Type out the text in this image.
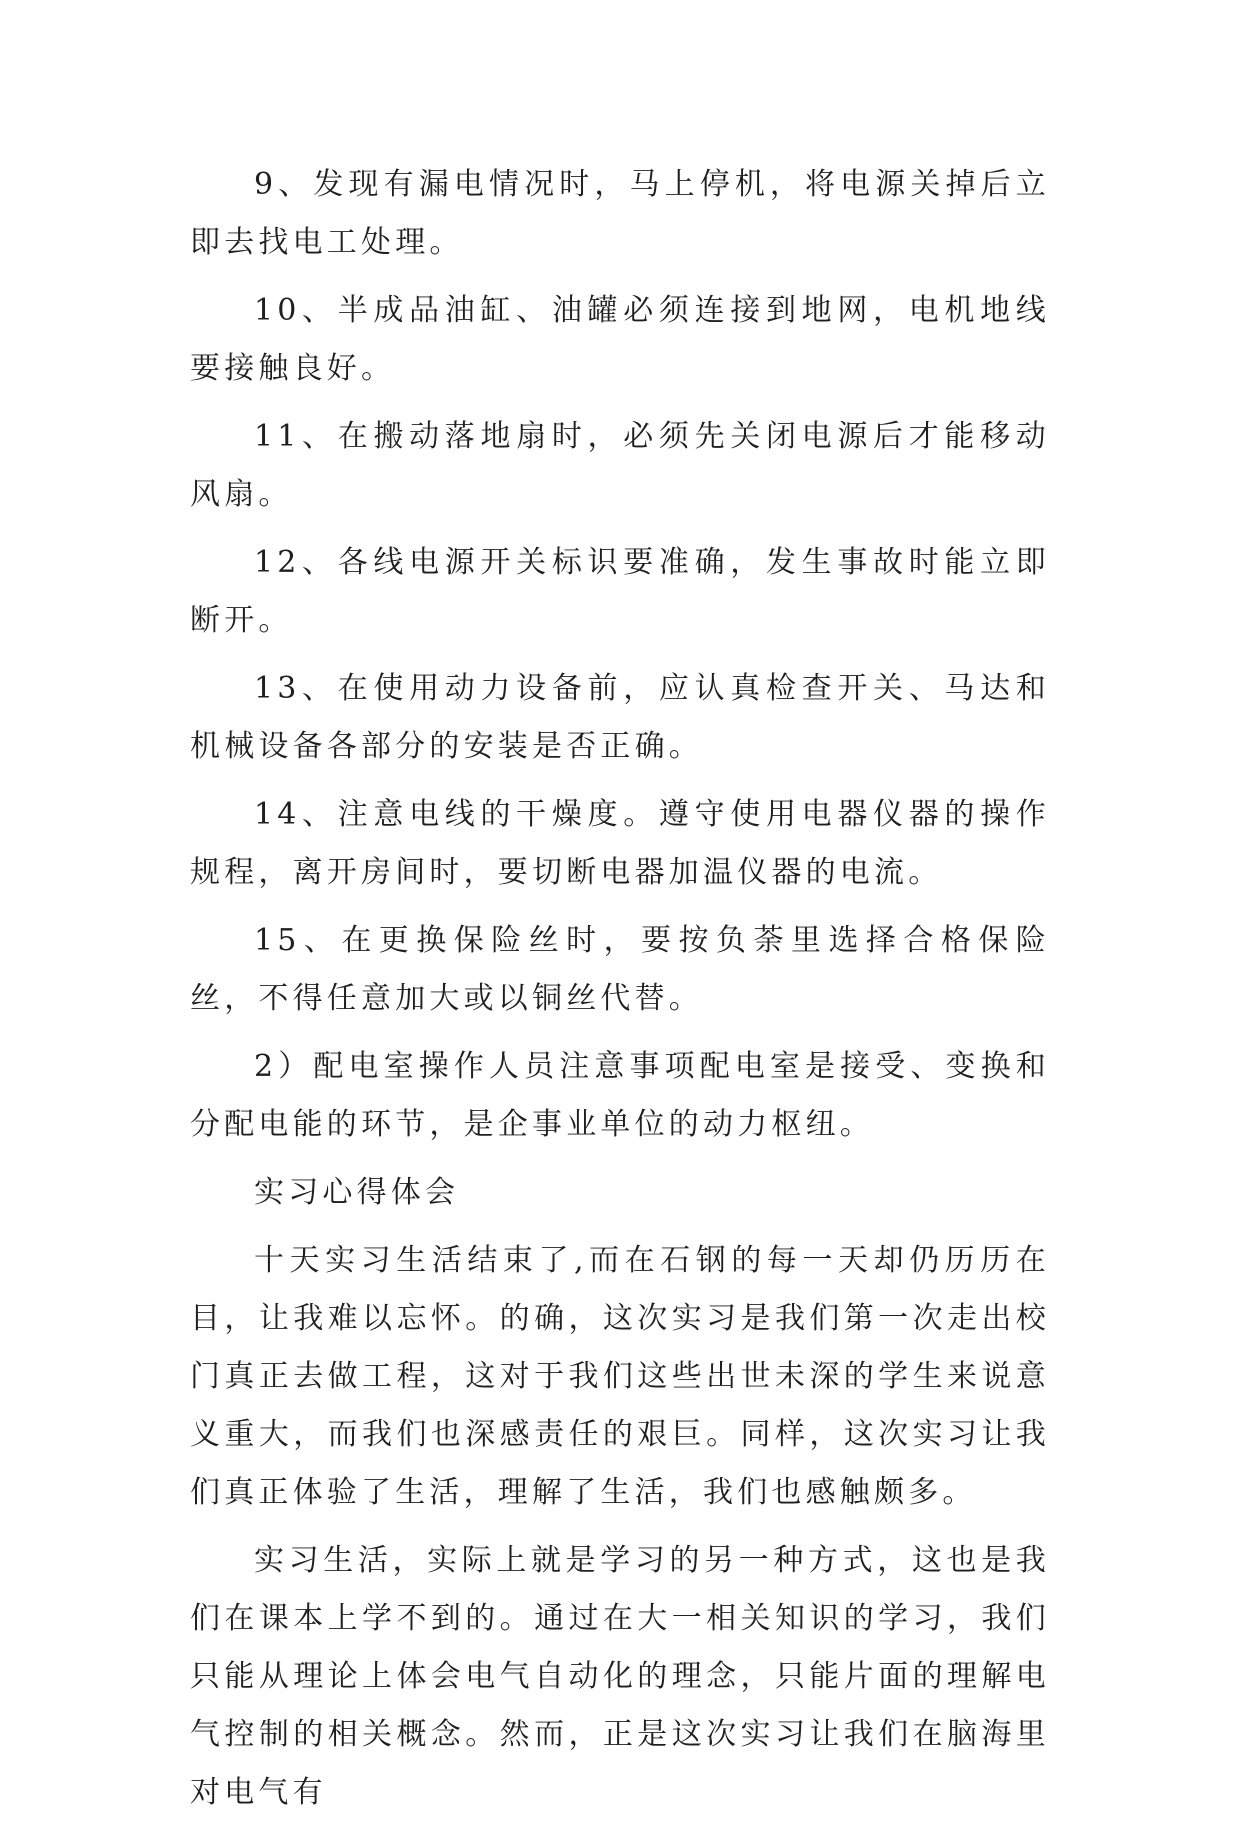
9、发现有漏电情况时，马上停机，将电源关掉后立即去找电工处理。

10、半成品油缸、油罐必须连接到地网，电机地线要接触良好。

11、在搬动落地扇时，必须先关闭电源后才能移动风扇。

12、各线电源开关标识要准确，发生事故时能立即断开。

13、在使用动力设备前，应认真检查开关、马达和机械设备各部分的安装是否正确。

14、注意电线的干燥度。遵守使用电器仪器的操作规程，离开房间时，要切断电器加温仪器的电流。

15、在更换保险丝时，要按负荼里选择合格保险丝，不得任意加大或以铜丝代替。

2）配电室操作人员注意事项配电室是接受、变换和分配电能的环节，是企事业单位的动力枢纽。

实习心得体会

十天实习生活结束了,而在石钢的每一天却仍历历在目，让我难以忘怀。的确，这次实习是我们第一次走出校门真正去做工程，这对于我们这些出世未深的学生来说意义重大，而我们也深感责任的艰巨。同样，这次实习让我们真正体验了生活，理解了生活，我们也感触颇多。

实习生活，实际上就是学习的另一种方式，这也是我们在课本上学不到的。通过在大一相关知识的学习，我们只能从理论上体会电气自动化的理念，只能片面的理解电气控制的相关概念。然而，正是这次实习让我们在脑海里对电气有
